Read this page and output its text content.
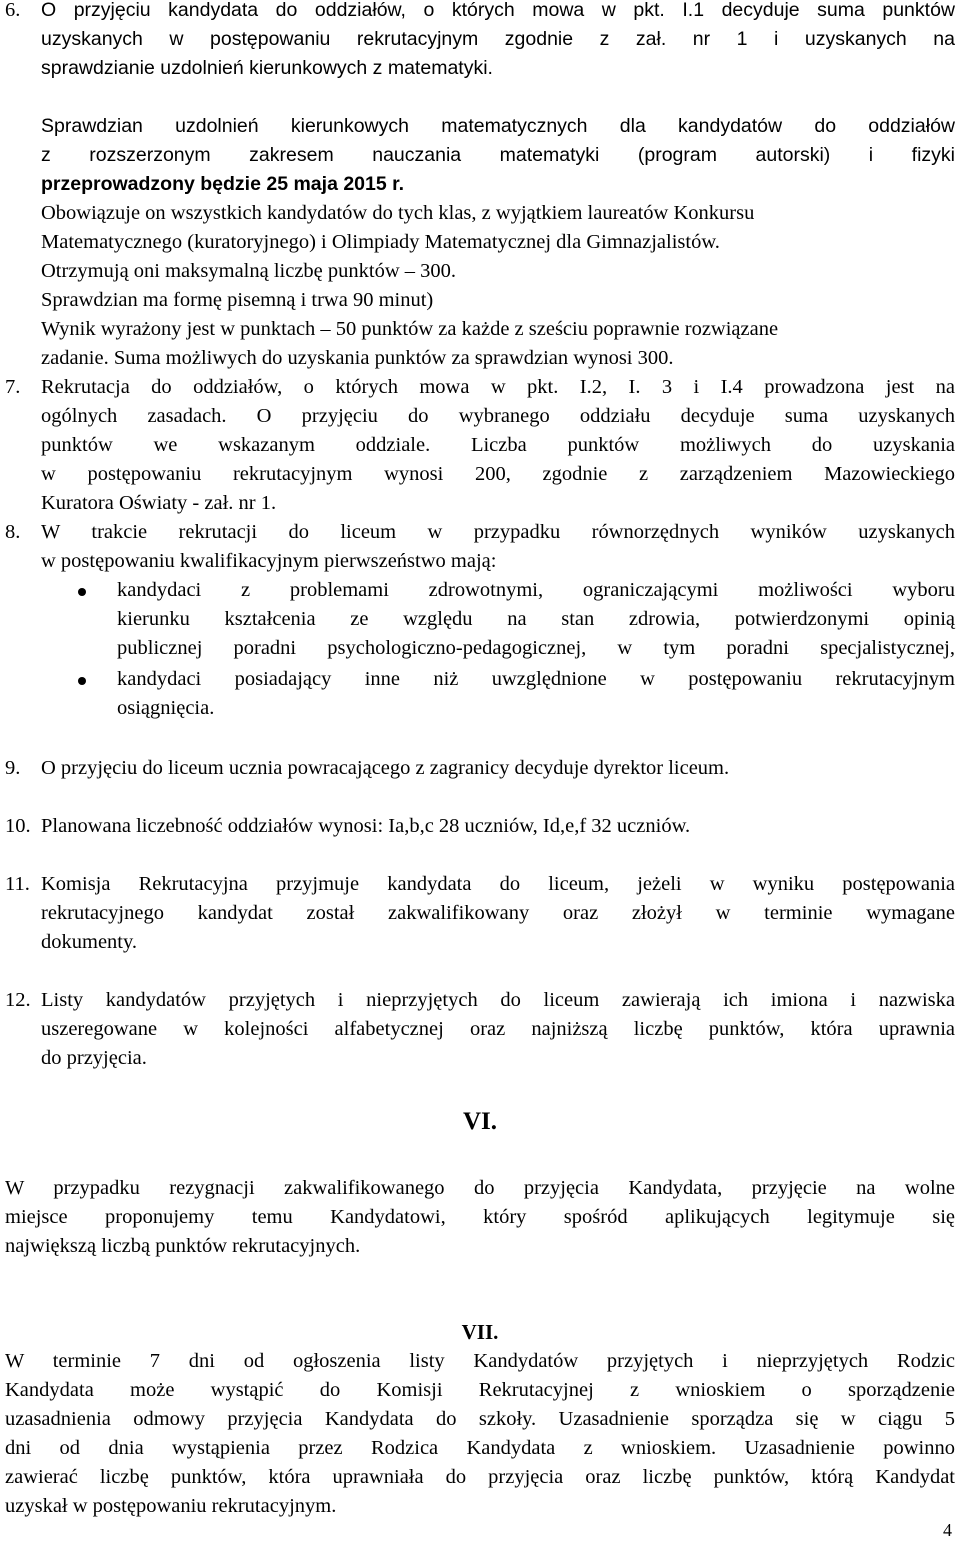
6. O przyjęciu kandydata do oddziałów, o których mowa w pkt. I.1 decyduje suma punktów
uzyskanych w postępowaniu rekrutacyjnym zgodnie z zał. nr 1 i uzyskanych na
sprawdzianie uzdolnień kierunkowych z matematyki.
Sprawdzian uzdolnień kierunkowych matematycznych dla kandydatów do oddziałów
z rozszerzonym zakresem nauczania matematyki (program autorski) i fizyki
przeprowadzony będzie 25 maja 2015 r.
Obowiązuje on wszystkich kandydatów do tych klas, z wyjątkiem laureatów Konkursu
Matematycznego (kuratoryjnego) i Olimpiady Matematycznej dla Gimnazjalistów.
Otrzymują oni maksymalną liczbę punktów – 300.
Sprawdzian ma formę pisemną i trwa 90 minut)
Wynik wyrażony jest w punktach – 50 punktów za każde z sześciu poprawnie rozwiązane
zadanie. Suma możliwych do uzyskania punktów za sprawdzian wynosi 300.
7. Rekrutacja do oddziałów, o których mowa w pkt. I.2, I. 3 i I.4 prowadzona jest na
ogólnych zasadach. O przyjęciu do wybranego oddziału decyduje suma uzyskanych
punktów we wskazanym oddziale. Liczba punktów możliwych do uzyskania
w postępowaniu rekrutacyjnym wynosi 200, zgodnie z zarządzeniem Mazowieckiego
Kuratora Oświaty - zał. nr 1.
8. W trakcie rekrutacji do liceum w przypadku równorzędnych wyników uzyskanych
w postępowaniu kwalifikacyjnym pierwszeństwo mają:
kandydaci z problemami zdrowotnymi, ograniczającymi możliwości wyboru
kierunku kształcenia ze względu na stan zdrowia, potwierdzonymi opinią
publicznej poradni psychologiczno-pedagogicznej, w tym poradni specjalistycznej,
kandydaci posiadający inne niż uwzględnione w postępowaniu rekrutacyjnym
osiągnięcia.
9. O przyjęciu do liceum ucznia powracającego z zagranicy decyduje dyrektor liceum.
10. Planowana liczebność oddziałów wynosi: Ia,b,c 28 uczniów, Id,e,f 32 uczniów.
11. Komisja Rekrutacyjna przyjmuje kandydata do liceum, jeżeli w wyniku postępowania
rekrutacyjnego kandydat został zakwalifikowany oraz złożył w terminie wymagane
dokumenty.
12. Listy kandydatów przyjętych i nieprzyjętych do liceum zawierają ich imiona i nazwiska
uszeregowane w kolejności alfabetycznej oraz najniższą liczbę punktów, która uprawnia
do przyjęcia.
VI.
W przypadku rezygnacji zakwalifikowanego do przyjęcia Kandydata, przyjęcie na wolne
miejsce proponujemy temu Kandydatowi, który spośród aplikujących legitymuje się
największą liczbą punktów rekrutacyjnych.
VII.
W terminie 7 dni od ogłoszenia listy Kandydatów przyjętych i nieprzyjętych Rodzic
Kandydata może wystąpić do Komisji Rekrutacyjnej z wnioskiem o sporządzenie
uzasadnienia odmowy przyjęcia Kandydata do szkoły. Uzasadnienie sporządza się w ciągu 5
dni od dnia wystąpienia przez Rodzica Kandydata z wnioskiem. Uzasadnienie powinno
zawierać liczbę punktów, która uprawniała do przyjęcia oraz liczbę punktów, którą Kandydat
uzyskał w postępowaniu rekrutacyjnym.
4
